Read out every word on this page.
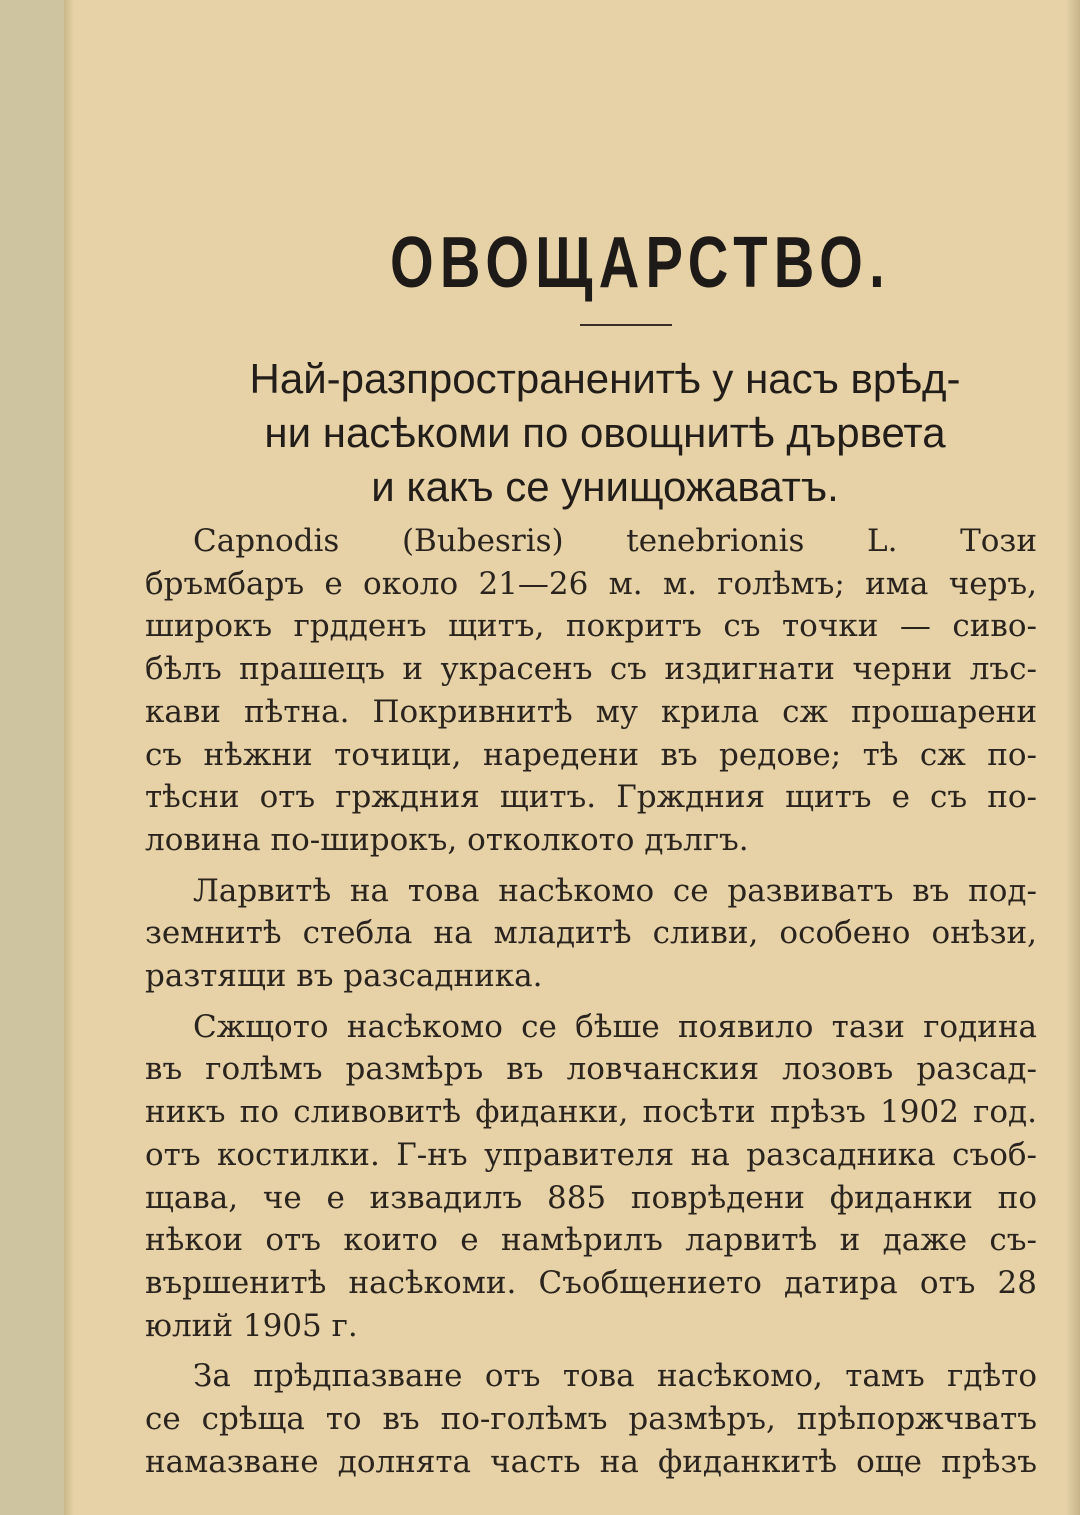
ОВОЩАРСТВО.
Най-разпространенитѣ у насъ врѣд-
ни насѣкоми по овощнитѣ дървета
и какъ се унищожаватъ.

Capnodis (Bubesris) tenebrionis L. Този
бръмбаръ е около 21—26 м. м. голѣмъ; има черъ,
широкъ грдденъ щитъ, покритъ съ точки — сиво-
бѣлъ прашецъ и украсенъ съ издигнати черни лъс-
кави пѣтна. Покривнитѣ му крила сж прошарени
съ нѣжни точици, наредени въ редове; тѣ сж по-
тѣсни отъ грждния щитъ. Грждния щитъ е съ по-
ловина по-широкъ, отколкото дългъ.

Ларвитѣ на това насѣкомо се развиватъ въ под-
земнитѣ стебла на младитѣ сливи, особено онѣзи,
разтящи въ разсадника.

Сжщото насѣкомо се бѣше появило тази година
въ голѣмъ размѣръ въ ловчанския лозовъ разсад-
никъ по сливовитѣ фиданки, посѣти прѣзъ 1902 год.
отъ костилки. Г-нъ управителя на разсадника съоб-
щава, че е извадилъ 885 поврѣдени фиданки по
нѣкои отъ които е намѣрилъ ларвитѣ и даже съ-
вършенитѣ насѣкоми. Съобщението датира отъ 28
юлий 1905 г.

За прѣдпазване отъ това насѣкомо, тамъ гдѣто
се срѣща то въ по-голѣмъ размѣръ, прѣпоржчватъ
намазване долнята часть на фиданкитѣ още прѣзъ
